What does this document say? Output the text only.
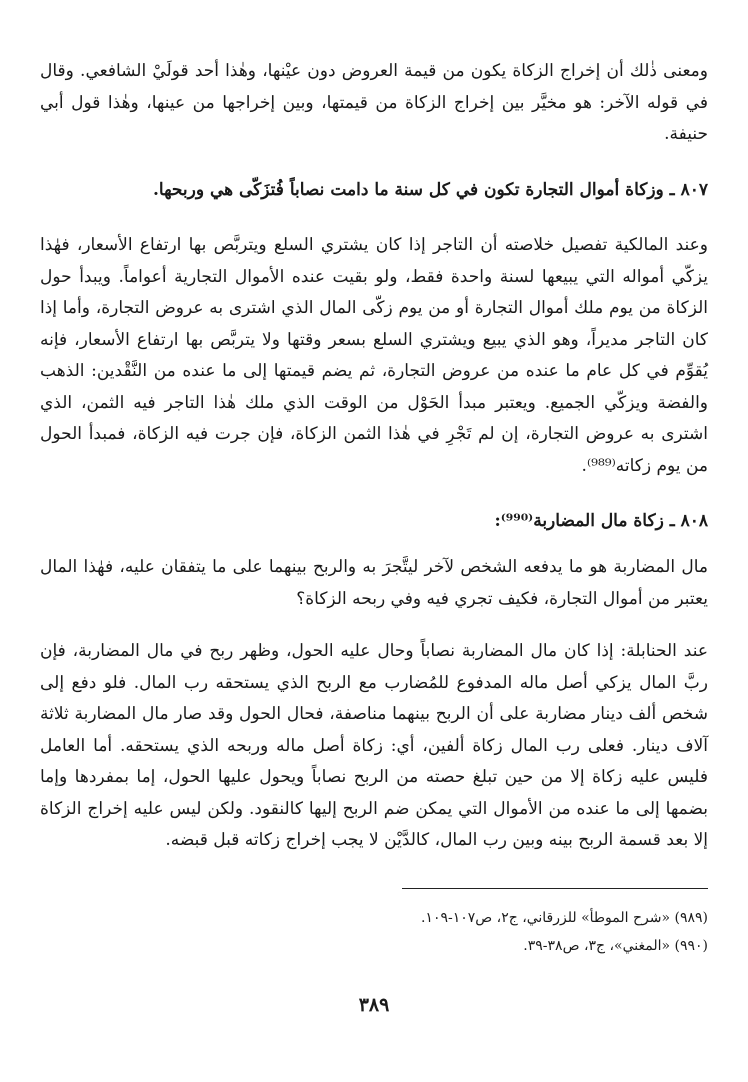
ومعنى ذٰلك أن إخراج الزكاة يكون من قيمة العروض دون عيْنها، وهٰذا أحد قولَيْ الشافعي. وقال في قوله الآخر: هو مخيَّر بين إخراج الزكاة من قيمتها، وبين إخراجها من عينها، وهٰذا قول أبي حنيفة.

٨٠٧ ـ وزكاة أموال التجارة تكون في كل سنة ما دامت نصاباً فُتزَكّى هي وربحها.

وعند المالكية تفصيل خلاصته أن التاجر إذا كان يشتري السلع ويتربَّص بها ارتفاع الأسعار، فهٰذا يزكّي أمواله التي يبيعها لسنة واحدة فقط، ولو بقيت عنده الأموال التجارية أعواماً. ويبدأ حول الزكاة من يوم ملك أموال التجارة أو من يوم زكّى المال الذي اشترى به عروض التجارة، وأما إذا كان التاجر مديراً، وهو الذي يبيع ويشتري السلع بسعر وقتها ولا يتربَّص بها ارتفاع الأسعار، فإنه يُقوِّم في كل عام ما عنده من عروض التجارة، ثم يضم قيمتها إلى ما عنده من النَّقْدين: الذهب والفضة ويزكّي الجميع. ويعتبر مبدأ الحَوْل من الوقت الذي ملك هٰذا التاجر فيه الثمن، الذي اشترى به عروض التجارة، إن لم تَجْرِ في هٰذا الثمن الزكاة، فإن جرت فيه الزكاة، فمبدأ الحول من يوم زكاته⁽⁹⁸⁹⁾.

٨٠٨ ـ زكاة مال المضاربة⁽⁹⁹⁰⁾:

مال المضاربة هو ما يدفعه الشخص لآخر ليتَّجرَ به والربح بينهما على ما يتفقان عليه، فهٰذا المال يعتبر من أموال التجارة، فكيف تجري فيه وفي ربحه الزكاة؟

عند الحنابلة: إذا كان مال المضاربة نصاباً وحال عليه الحول، وظهر ربح في مال المضاربة، فإن ربَّ المال يزكي أصل ماله المدفوع للمُضارب مع الربح الذي يستحقه رب المال. فلو دفع إلى شخص ألف دينار مضاربة على أن الربح بينهما مناصفة، فحال الحول وقد صار مال المضاربة ثلاثة آلاف دينار. فعلى رب المال زكاة ألفين، أي: زكاة أصل ماله وربحه الذي يستحقه. أما العامل فليس عليه زكاة إلا من حين تبلغ حصته من الربح نصاباً ويحول عليها الحول، إما بمفردها وإما بضمها إلى ما عنده من الأموال التي يمكن ضم الربح إليها كالنقود. ولكن ليس عليه إخراج الزكاة إلا بعد قسمة الربح بينه وبين رب المال، كالدَّيْن لا يجب إخراج زكاته قبل قبضه.

(٩٨٩) «شرح الموطأ» للزرقاني، ج٢، ص١٠٧-١٠٩.

(٩٩٠) «المغني»، ج٣، ص٣٨-٣٩.

٣٨٩
